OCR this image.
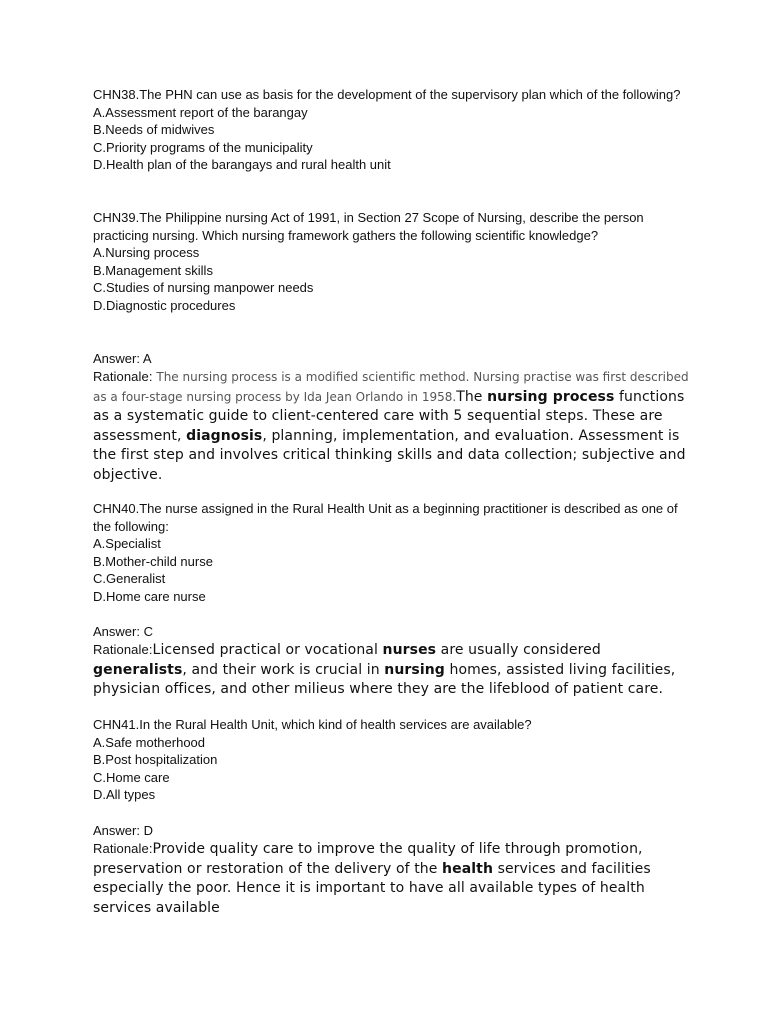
CHN38.The PHN can use as basis for the development of the supervisory plan which of the following?

A.Assessment report of the barangay

B.Needs of midwives

C.Priority programs of the municipality

D.Health plan of the barangays and rural health unit

CHN39.The Philippine nursing Act of 1991, in Section 27 Scope of Nursing, describe the person practicing nursing. Which nursing framework gathers the following scientific knowledge?

A.Nursing process

B.Management skills

C.Studies of nursing manpower needs

D.Diagnostic procedures

Answer: A

Rationale: The nursing process is a modified scientific method. Nursing practise was first described as a four-stage nursing process by Ida Jean Orlando in 1958.The nursing process functions as a systematic guide to client-centered care with 5 sequential steps. These are assessment, diagnosis, planning, implementation, and evaluation. Assessment is the first step and involves critical thinking skills and data collection; subjective and objective.

CHN40.The nurse assigned in the Rural Health Unit as a beginning practitioner is described as one of the following:

A.Specialist

B.Mother-child nurse

C.Generalist

D.Home care nurse

Answer: C

Rationale:Licensed practical or vocational nurses are usually considered generalists, and their work is crucial in nursing homes, assisted living facilities, physician offices, and other milieus where they are the lifeblood of patient care.

CHN41.In the Rural Health Unit, which kind of health services are available?

A.Safe motherhood

B.Post hospitalization

C.Home care

D.All types

Answer: D

Rationale:Provide quality care to improve the quality of life through promotion, preservation or restoration of the delivery of the health services and facilities especially the poor. Hence it is important to have all available types of health services available
